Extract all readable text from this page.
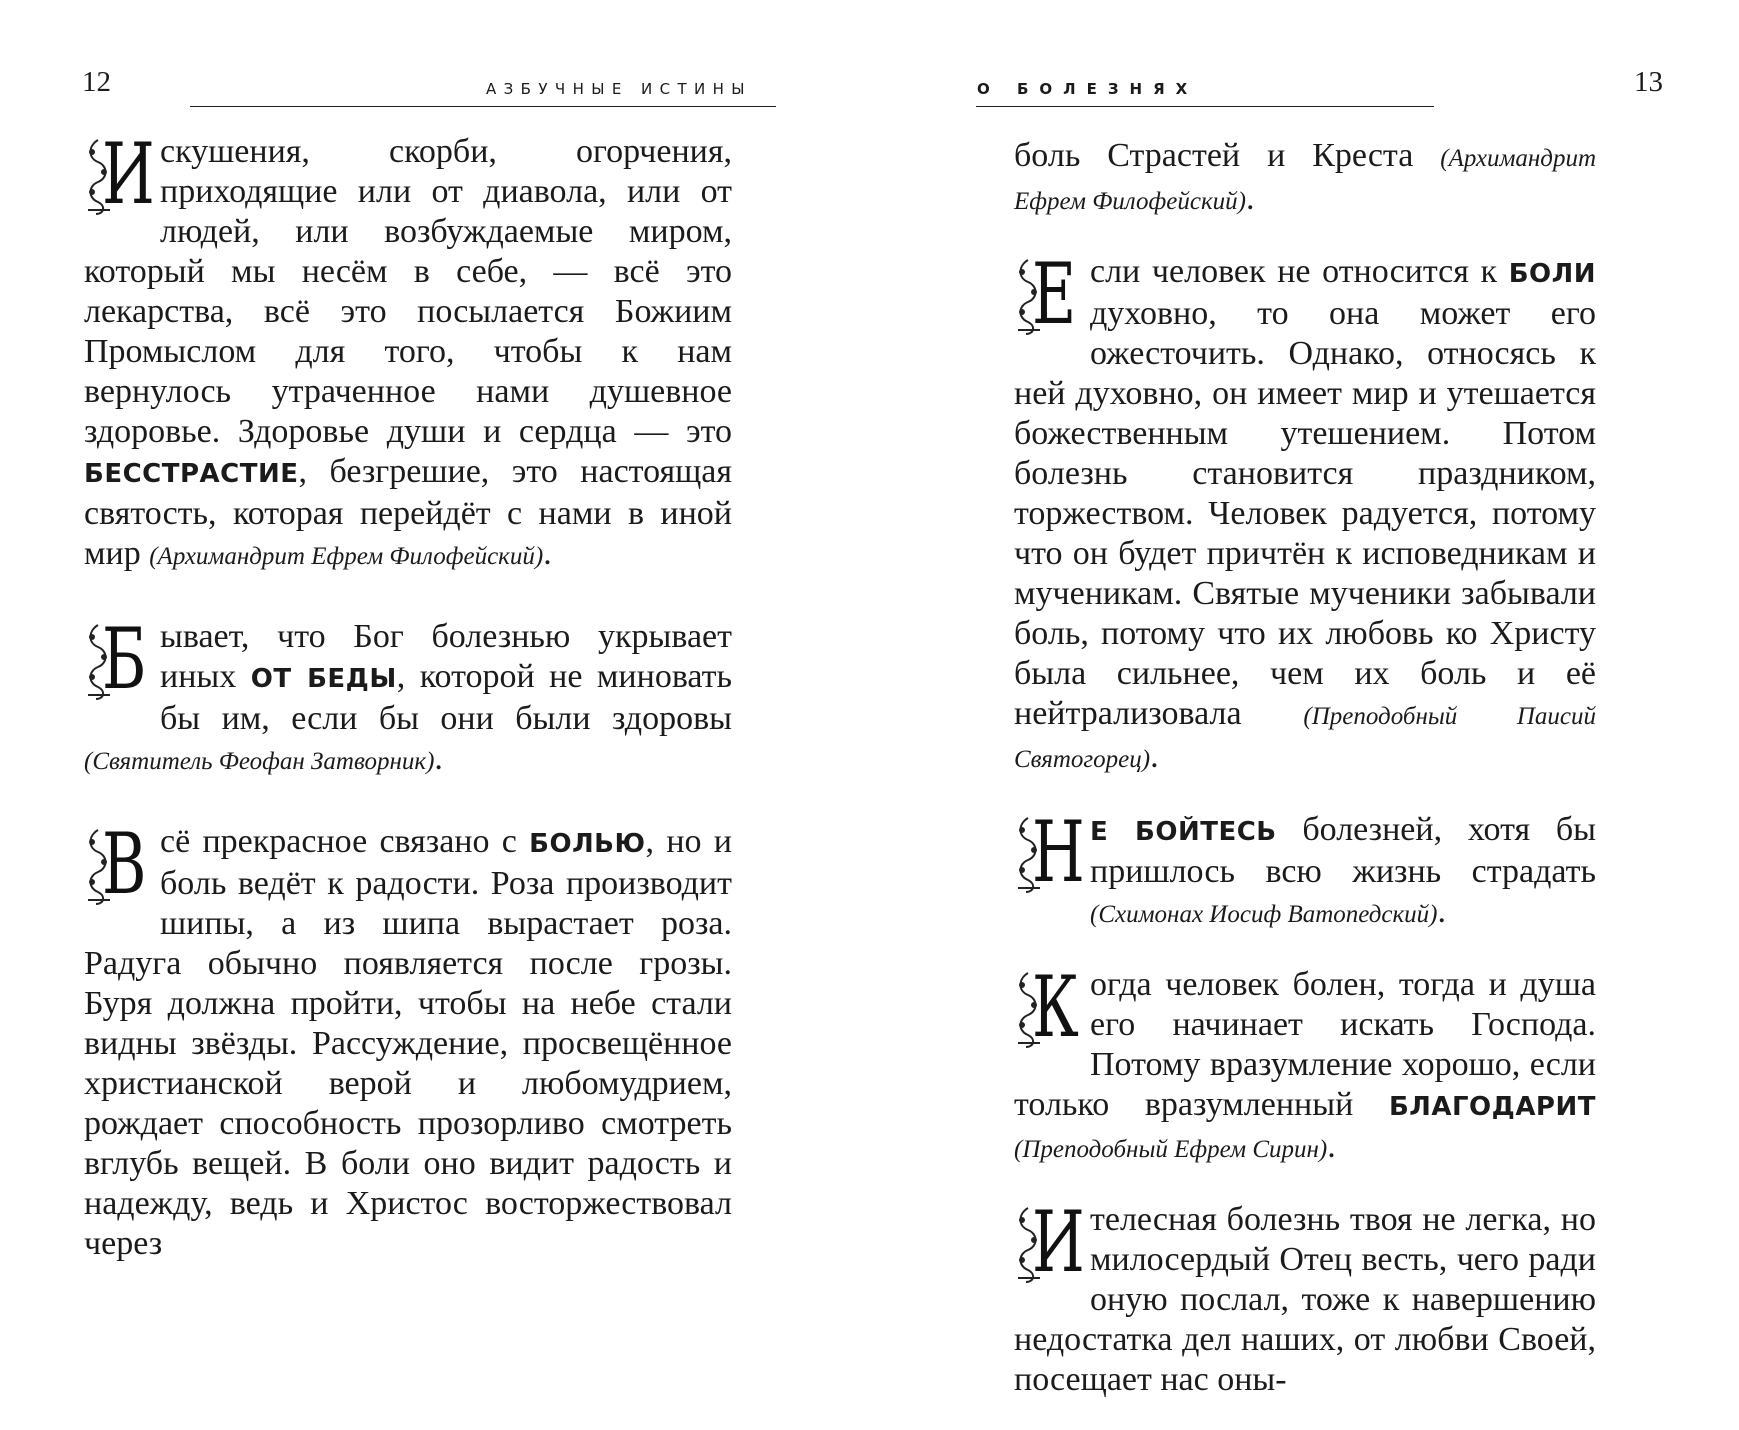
12	АЗБУЧНЫЕ ИСТИНЫ

И скушения, скорби, огорчения, приходящие или от диавола, или от людей, или возбуждаемые миром, который мы несём в себе, — всё это лекарства, всё это посылается Божиим Промыслом для того, чтобы к нам вернулось утраченное нами душевное здоровье. Здоровье души и сердца — это БЕССТРАСТИЕ, безгрешие, это настоящая святость, которая перейдёт с нами в иной мир (Архимандрит Ефрем Филофейский).

Б ывает, что Бог болезнью укрывает иных ОТ БЕДЫ, которой не миновать бы им, если бы они были здоровы (Святитель Феофан Затворник).

В сё прекрасное связано с БОЛЬЮ, но и боль ведёт к радости. Роза производит шипы, а из шипа вырастает роза. Радуга обычно появляется после грозы. Буря должна пройти, чтобы на небе стали видны звёзды. Рассуждение, просвещённое христианской верой и любомудрием, рождает способность прозорливо смотреть вглубь вещей. В боли оно видит радость и надежду, ведь и Христос восторжествовал через

О БОЛЕЗНЯХ	13

боль Страстей и Креста (Архимандрит Ефрем Филофейский).

Е сли человек не относится к БОЛИ духовно, то она может его ожесточить. Однако, относясь к ней духовно, он имеет мир и утешается божественным утешением. Потом болезнь становится праздником, торжеством. Человек радуется, потому что он будет причтён к исповедникам и мученикам. Святые мученики забывали боль, потому что их любовь ко Христу была сильнее, чем их боль и её нейтрализовала (Преподобный Паисий Святогорец).

Н Е БОЙТЕСЬ болезней, хотя бы пришлось всю жизнь страдать (Схимонах Иосиф Ватопедский).

К огда человек болен, тогда и душа его начинает искать Господа. Потому вразумление хорошо, если только вразумленный БЛАГОДАРИТ (Преподобный Ефрем Сирин).

И телесная болезнь твоя не легка, но милосердый Отец весть, чего ради оную послал, тоже к навершению недостатка дел наших, от любви Своей, посещает нас оны-
